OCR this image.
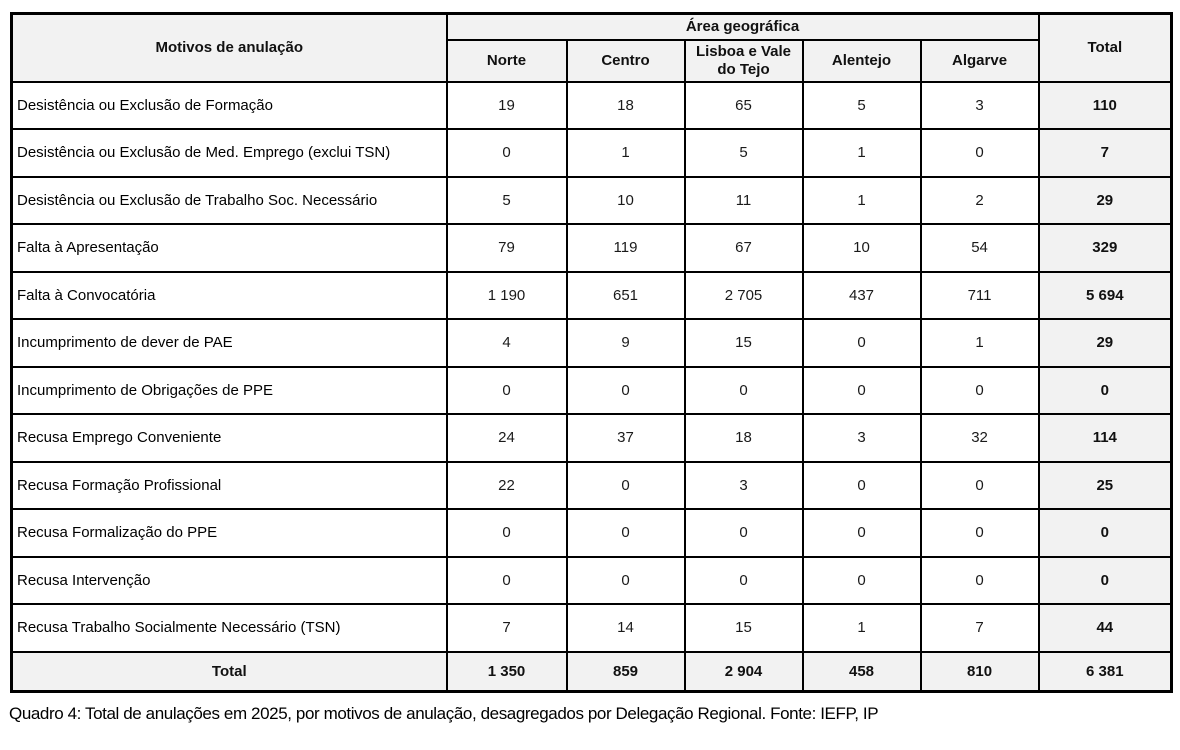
Motivos de anulação	Área geográfica					Total
	Norte	Centro	Lisboa e Vale do Tejo	Alentejo	Algarve	
Desistência ou Exclusão de Formação	19	18	65	5	3	110
Desistência ou Exclusão de Med. Emprego (exclui TSN)	0	1	5	1	0	7
Desistência ou Exclusão de Trabalho Soc. Necessário	5	10	11	1	2	29
Falta à Apresentação	79	119	67	10	54	329
Falta à Convocatória	1 190	651	2 705	437	711	5 694
Incumprimento de dever de PAE	4	9	15	0	1	29
Incumprimento de Obrigações de PPE	0	0	0	0	0	0
Recusa Emprego Conveniente	24	37	18	3	32	114
Recusa Formação Profissional	22	0	3	0	0	25
Recusa Formalização do PPE	0	0	0	0	0	0
Recusa Intervenção	0	0	0	0	0	0
Recusa Trabalho Socialmente Necessário (TSN)	7	14	15	1	7	44
Total	1 350	859	2 904	458	810	6 381
Quadro 4: Total de anulações em 2025, por motivos de anulação, desagregados por Delegação Regional. Fonte: IEFP, IP
